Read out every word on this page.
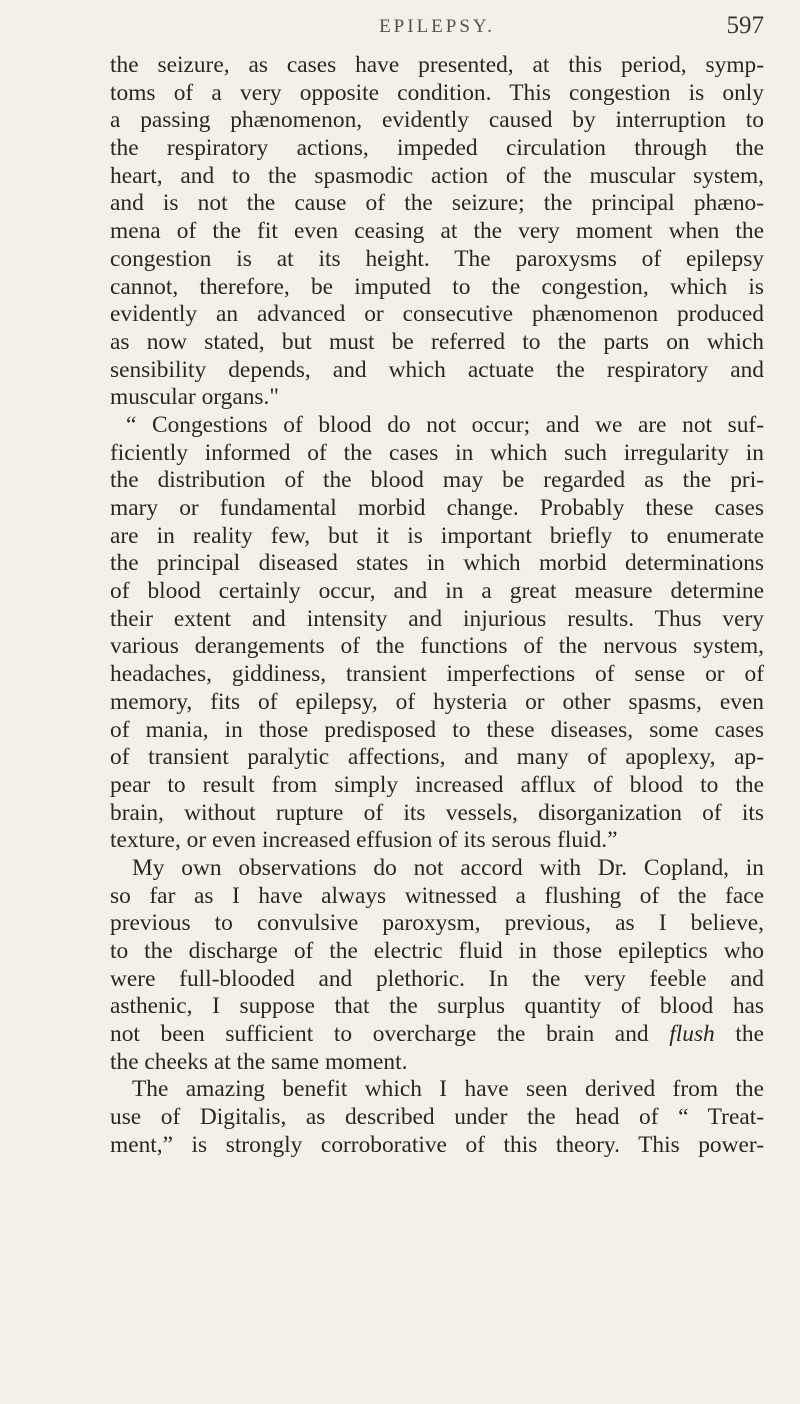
EPILEPSY.	597
the seizure, as cases have presented, at this period, symp-
toms of a very opposite condition. This congestion is only
a passing phænomenon, evidently caused by interruption to
the respiratory actions, impeded circulation through the
heart, and to the spasmodic action of the muscular system,
and is not the cause of the seizure; the principal phæno-
mena of the fit even ceasing at the very moment when the
congestion is at its height. The paroxysms of epilepsy
cannot, therefore, be imputed to the congestion, which is
evidently an advanced or consecutive phænomenon produced
as now stated, but must be referred to the parts on which
sensibility depends, and which actuate the respiratory and
muscular organs."
“ Congestions of blood do not occur; and we are not suf-
ficiently informed of the cases in which such irregularity in
the distribution of the blood may be regarded as the pri-
mary or fundamental morbid change. Probably these cases
are in reality few, but it is important briefly to enumerate
the principal diseased states in which morbid determinations
of blood certainly occur, and in a great measure determine
their extent and intensity and injurious results. Thus very
various derangements of the functions of the nervous system,
headaches, giddiness, transient imperfections of sense or of
memory, fits of epilepsy, of hysteria or other spasms, even
of mania, in those predisposed to these diseases, some cases
of transient paralytic affections, and many of apoplexy, ap-
pear to result from simply increased afflux of blood to the
brain, without rupture of its vessels, disorganization of its
texture, or even increased effusion of its serous fluid.”
My own observations do not accord with Dr. Copland, in
so far as I have always witnessed a flushing of the face
previous to convulsive paroxysm, previous, as I believe,
to the discharge of the electric fluid in those epileptics who
were full-blooded and plethoric. In the very feeble and
asthenic, I suppose that the surplus quantity of blood has
not been sufficient to overcharge the brain and flush the
the cheeks at the same moment.
The amazing benefit which I have seen derived from the
use of Digitalis, as described under the head of “ Treat-
ment,” is strongly corroborative of this theory. This power-
